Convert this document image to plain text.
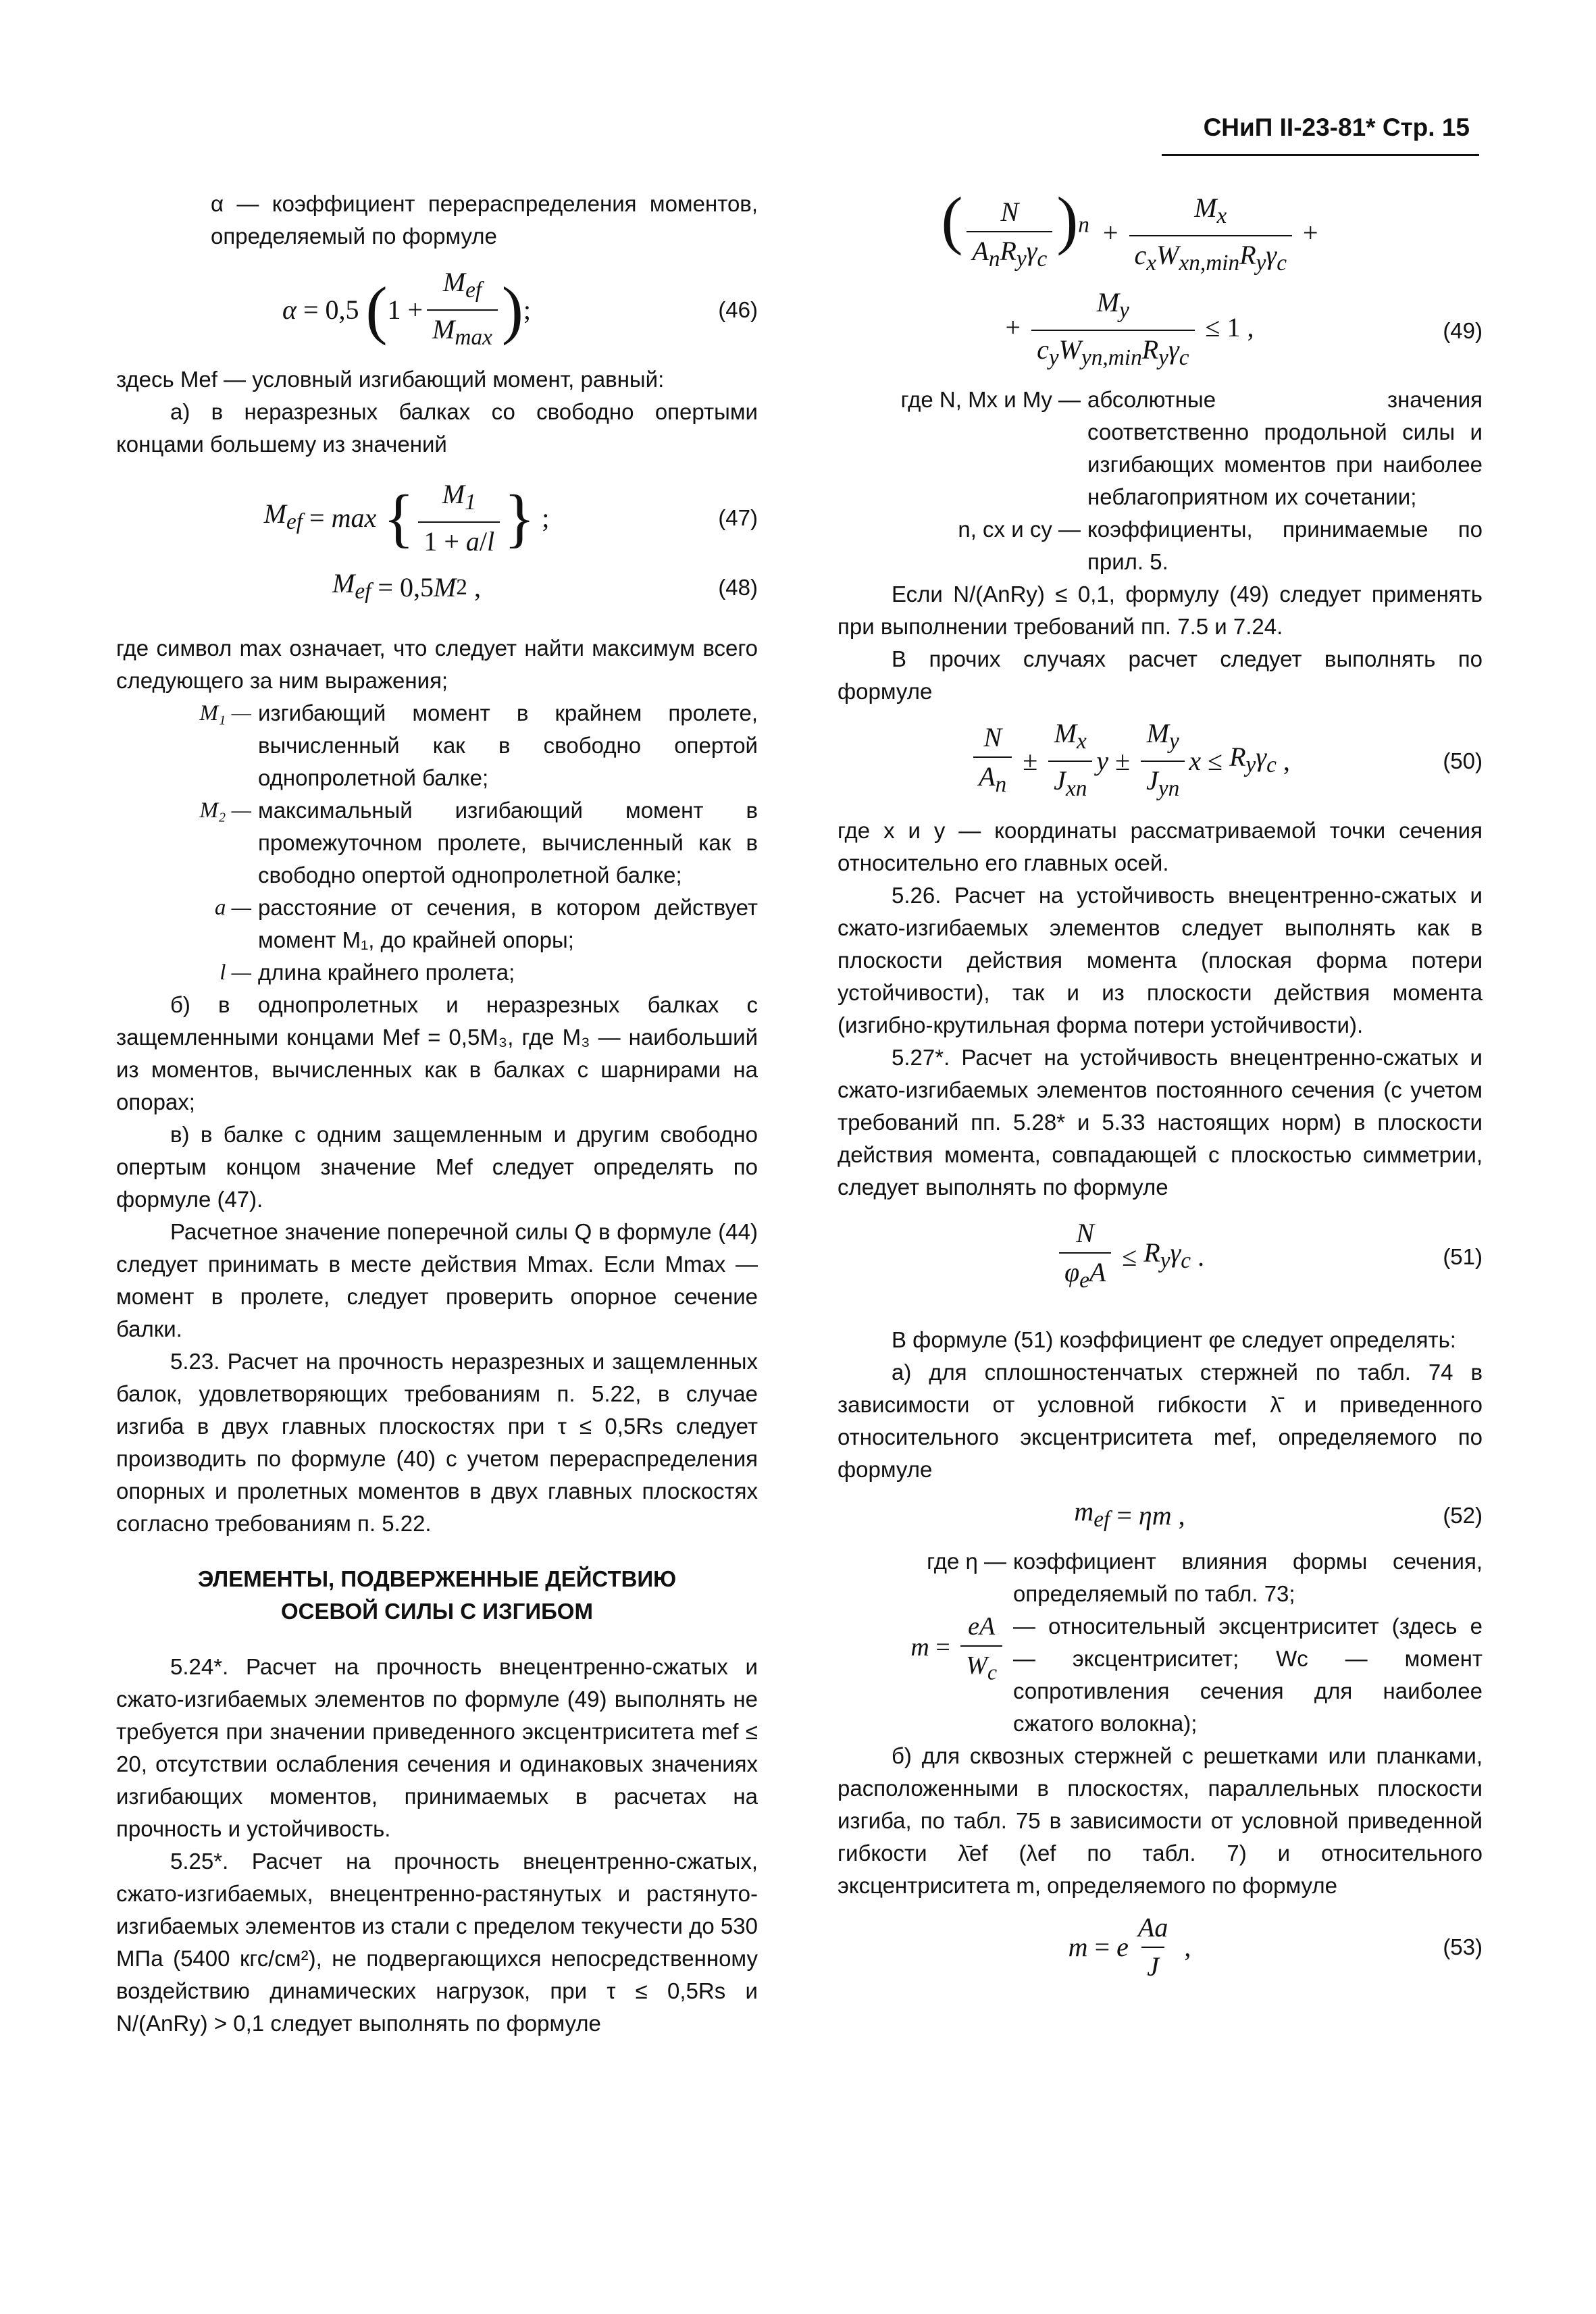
СНиП II-23-81* Стр. 15

α — коэффициент перераспределения моментов, определяемый по формуле

α = 0,5 ( 1 +
$M_{ef}$
$M_{max}$ ) ;	(46)

здесь Mef — условный изгибающий момент, равный:

а) в неразрезных балках со свободно опертыми концами большему из значений

$M_{ef} = \max$
{ $M_1$
1 + a/l } ;	(47)
$M_{ef} = 0,5$ M 2 ,	(48)

где символ max означает, что следует найти максимум всего следующего за ним выражения;

M₁ — изгибающий момент в крайнем пролете, вычисленный как в свободно опертой однопролетной балке;
M₂ — максимальный изгибающий момент в промежуточном пролете, вычисленный как в свободно опертой однопролетной балке;
a — расстояние от сечения, в котором действует момент M₁, до крайней опоры;
l — длина крайнего пролета;

б) в однопролетных и неразрезных балках с защемленными концами Mef = 0,5M₃, где M₃ — наибольший из моментов, вычисленных как в балках с шарнирами на опорах;

в) в балке с одним защемленным и другим свободно опертым концом значение Mef следует определять по формуле (47).

Расчетное значение поперечной силы Q в формуле (44) следует принимать в месте действия Mmax. Если Mmax — момент в пролете, следует проверить опорное сечение балки.

5.23. Расчет на прочность неразрезных и защемленных балок, удовлетворяющих требованиям п. 5.22, в случае изгиба в двух главных плоскостях при τ ≤ 0,5Rs следует производить по формуле (40) с учетом перераспределения опорных и пролетных моментов в двух главных плоскостях согласно требованиям п. 5.22.

ЭЛЕМЕНТЫ, ПОДВЕРЖЕННЫЕ ДЕЙСТВИЮ
ОСЕВОЙ СИЛЫ С ИЗГИБОМ

5.24*. Расчет на прочность внецентренно-сжатых и сжато-изгибаемых элементов по формуле (49) выполнять не требуется при значении приведенного эксцентриситета mef ≤ 20, отсутствии ослабления сечения и одинаковых значениях изгибающих моментов, принимаемых в расчетах на прочность и устойчивость.

5.25*. Расчет на прочность внецентренно-сжатых, сжато-изгибаемых, внецентренно-растянутых и растянуто-изгибаемых элементов из стали с пределом текучести до 530 МПа (5400 кгс/см²), не подвергающихся непосредственному воздействию динамических нагрузок, при τ ≤ 0,5Rs и N/(AnRy) > 0,1 следует выполнять по формуле

( N
$A_nR_y\gamma_c$
)$^n$  +
$M_x$
$c_xW_{xn,min}R_y\gamma_c$
+
+
$M_y$
$c_yW_{yn,min}R_y\gamma_c$
≤ 1 ,	(49)
где N, Mx и My — абсолютные значения соответственно продольной силы и изгибающих моментов при наиболее неблагоприятном их сочетании;
n, cx и cy — коэффициенты, принимаемые по прил. 5.

Если N/(AnRy) ≤ 0,1, формулу (49) следует применять при выполнении требований пп. 7.5 и 7.24.

В прочих случаях расчет следует выполнять по формуле

N
$A_n$
±
$M_x$
$J_{xn}$
y ±
$M_y$
$J_{yn}$
$x \le R_y\gamma_c$ ,	(50)

где x и y — координаты рассматриваемой точки сечения относительно его главных осей.

5.26. Расчет на устойчивость внецентренно-сжатых и сжато-изгибаемых элементов следует выполнять как в плоскости действия момента (плоская форма потери устойчивости), так и из плоскости действия момента (изгибно-крутильная форма потери устойчивости).

5.27*. Расчет на устойчивость внецентренно-сжатых и сжато-изгибаемых элементов постоянного сечения (с учетом требований пп. 5.28* и 5.33 настоящих норм) в плоскости действия момента, совпадающей с плоскостью симметрии, следует выполнять по формуле

N
$\varphi_eA$
≤ $R_y\gamma_c$ .	(51)

В формуле (51) коэффициент φe следует определять:

а) для сплошностенчатых стержней по табл. 74 в зависимости от условной гибкости λ̄ и приведенного относительного эксцентриситета mef, определяемого по формуле

$m_{ef} = \eta m$ ,	(52)
где η — коэффициент влияния формы сечения, определяемый по табл. 73;
$m = \frac{eA}{W_c}$ — относительный эксцентриситет (здесь e — эксцентриситет; Wc — момент сопротивления сечения для наиболее сжатого волокна);

б) для сквозных стержней с решетками или планками, расположенными в плоскостях, параллельных плоскости изгиба, по табл. 75 в зависимости от условной приведенной гибкости λ̄ef (λef по табл. 7) и относительного эксцентриситета m, определяемого по формуле

m = e
Aa
J
,	(53)
